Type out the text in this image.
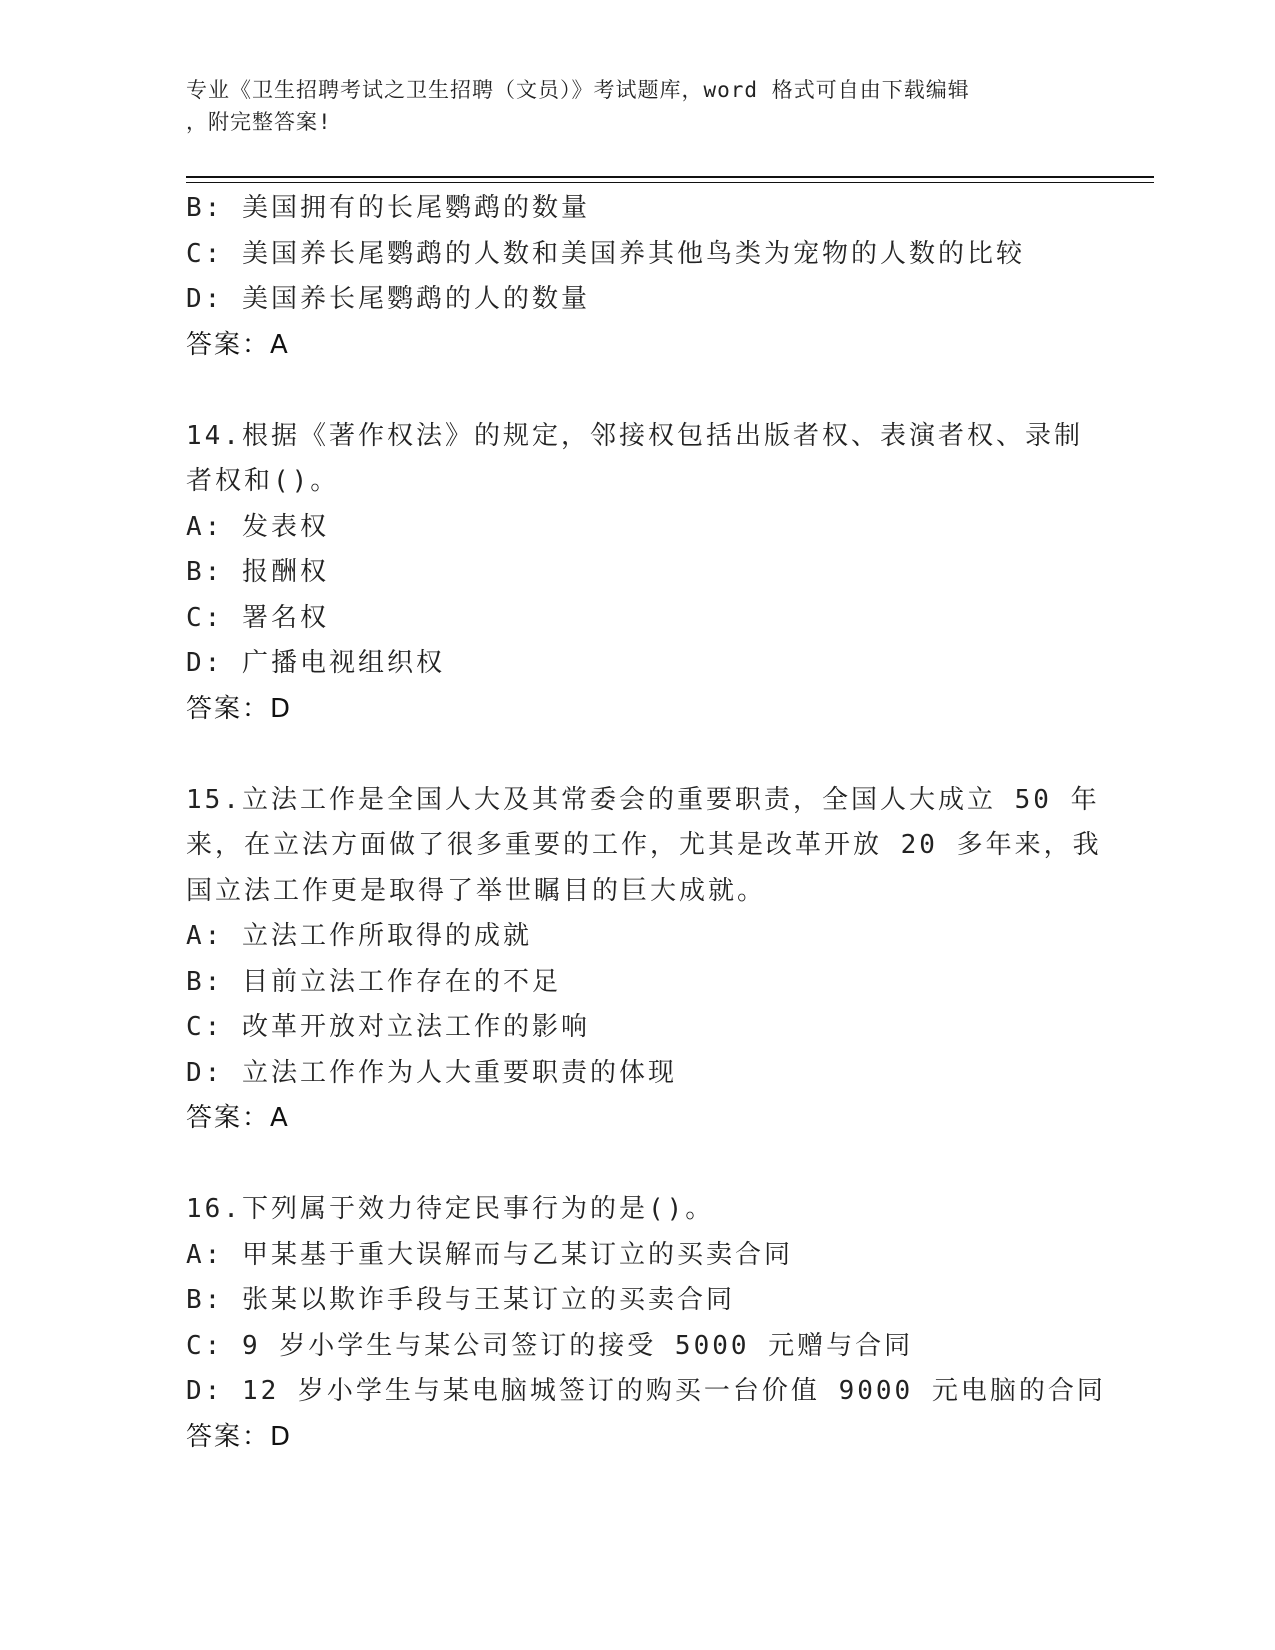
专业《卫生招聘考试之卫生招聘（文员）》考试题库，word 格式可自由下载编辑
，附完整答案!
B: 美国拥有的长尾鹦鹉的数量
C: 美国养长尾鹦鹉的人数和美国养其他鸟类为宠物的人数的比较
D: 美国养长尾鹦鹉的人的数量
答案：A
14.根据《著作权法》的规定，邻接权包括出版者权、表演者权、录制
者权和()。
A: 发表权
B: 报酬权
C: 署名权
D: 广播电视组织权
答案：D
15.立法工作是全国人大及其常委会的重要职责，全国人大成立 50 年
来，在立法方面做了很多重要的工作，尤其是改革开放 20 多年来，我
国立法工作更是取得了举世瞩目的巨大成就。
A: 立法工作所取得的成就
B: 目前立法工作存在的不足
C: 改革开放对立法工作的影响
D: 立法工作作为人大重要职责的体现
答案：A
16.下列属于效力待定民事行为的是()。
A: 甲某基于重大误解而与乙某订立的买卖合同
B: 张某以欺诈手段与王某订立的买卖合同
C: 9 岁小学生与某公司签订的接受 5000 元赠与合同
D: 12 岁小学生与某电脑城签订的购买一台价值 9000 元电脑的合同
答案：D
